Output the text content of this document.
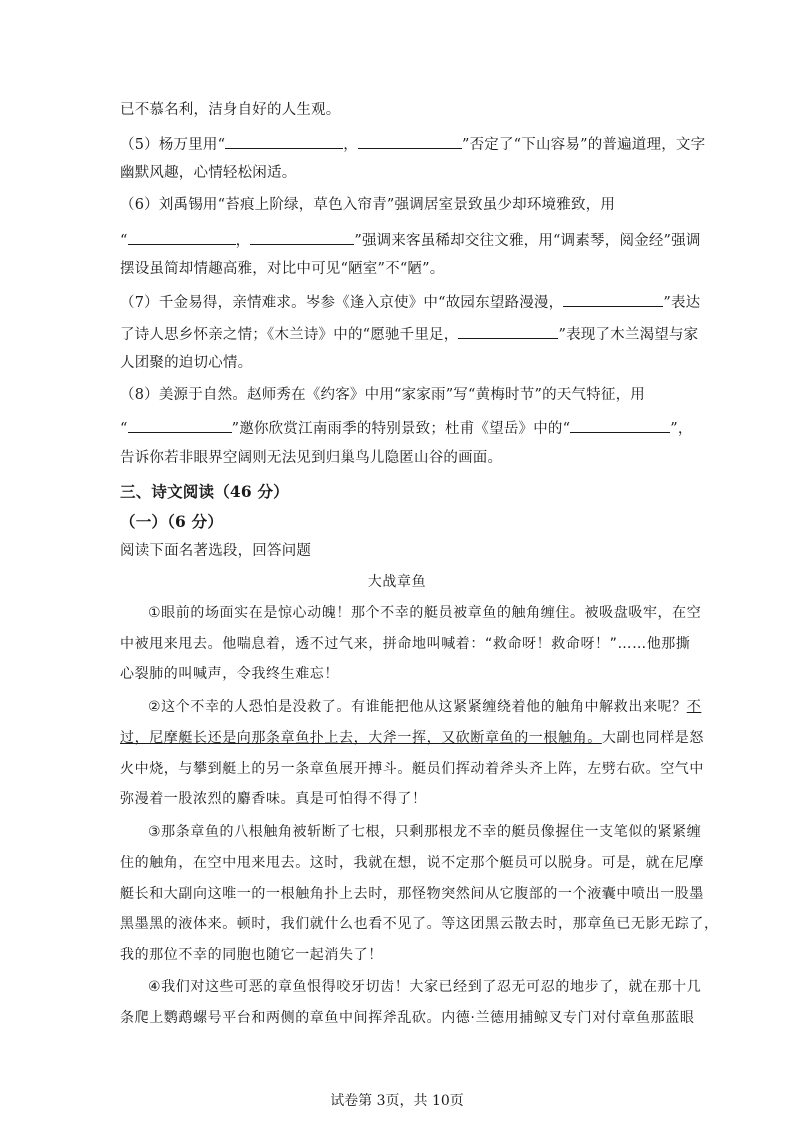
已不慕名利，洁身自好的人生观。
（5）杨万里用“	，	”否定了“下山容易”的普遍道理，文字
幽默风趣，心情轻松闲适。
（6）刘禹锡用“苔痕上阶绿，草色入帘青”强调居室景致虽少却环境雅致，用
“	，	”强调来客虽稀却交往文雅，用“调素琴，阅金经”强调
摆设虽简却情趣高雅，对比中可见“陋室”不“陋”。
（7）千金易得，亲情难求。岑参《逢入京使》中“故园东望路漫漫，	”表达
了诗人思乡怀亲之情；《木兰诗》中的“愿驰千里足，	”表现了木兰渴望与家
人团聚的迫切心情。
（8）美源于自然。赵师秀在《约客》中用“家家雨”写“黄梅时节”的天气特征，用
“	”邀你欣赏江南雨季的特别景致；杜甫《望岳》中的“	”，
告诉你若非眼界空阔则无法见到归巢鸟儿隐匿山谷的画面。
三、诗文阅读（46 分）
（一）（6 分）
阅读下面名著选段，回答问题
大战章鱼
①眼前的场面实在是惊心动魄！那个不幸的艇员被章鱼的触角缠住。被吸盘吸牢，在空
中被甩来甩去。他喘息着，透不过气来，拼命地叫喊着：“救命呀！救命呀！”……他那撕
心裂肺的叫喊声，令我终生难忘！
②这个不幸的人恐怕是没救了。有谁能把他从这紧紧缠绕着他的触角中解救出来呢？不
过，尼摩艇长还是向那条章鱼扑上去，大斧一挥，又砍断章鱼的一根触角。大副也同样是怒
火中烧，与攀到艇上的另一条章鱼展开搏斗。艇员们挥动着斧头齐上阵，左劈右砍。空气中
弥漫着一股浓烈的麝香味。真是可怕得不得了！
③那条章鱼的八根触角被斩断了七根，只剩那根龙不幸的艇员像握住一支笔似的紧紧缠
住的触角，在空中甩来甩去。这时，我就在想，说不定那个艇员可以脱身。可是，就在尼摩
艇长和大副向这唯一的一根触角扑上去时，那怪物突然间从它腹部的一个液囊中喷出一股墨
黑墨黑的液体来。顿时，我们就什么也看不见了。等这团黑云散去时，那章鱼已无影无踪了，
我的那位不幸的同胞也随它一起消失了！
④我们对这些可恶的章鱼恨得咬牙切齿！大家已经到了忍无可忍的地步了，就在那十几
条爬上鹦鹉螺号平台和两侧的章鱼中间挥斧乱砍。内德·兰德用捕鲸叉专门对付章鱼那蓝眼
试卷第 3页，共 10页
